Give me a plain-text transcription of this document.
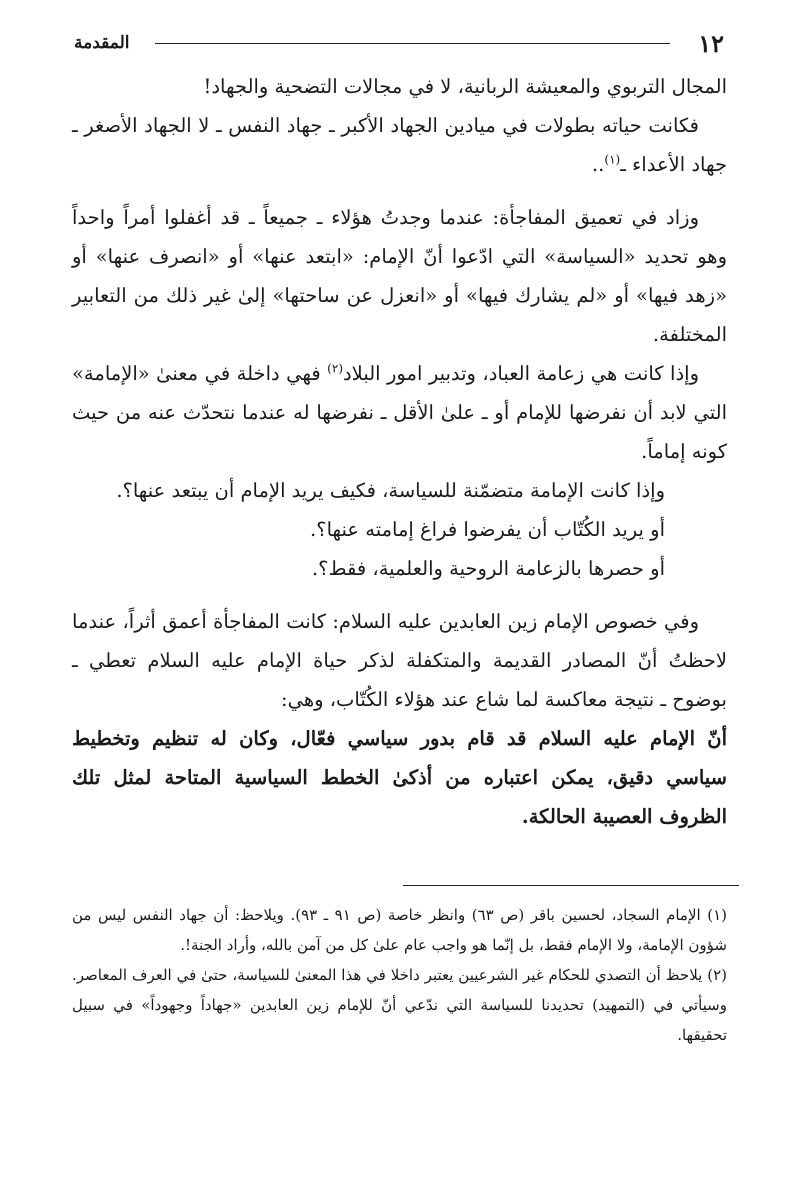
١٢
المقدمة

المجال التربوي والمعيشة الربانية، لا في مجالات التضحية والجهاد!

فكانت حياته بطولات في ميادين الجهاد الأكبر ـ جهاد النفس ـ لا الجهاد الأصغر ـ جهاد الأعداء ـ$^{(١)}$..

وزاد في تعميق المفاجأة: عندما وجدتُ هؤلاء ـ جميعاً ـ قد أغفلوا أمراً واحداً وهو تحديد «السياسة» التي ادّعوا أنّ الإمام: «ابتعد عنها» أو «انصرف عنها» أو «زهد فيها» أو «لم يشارك فيها» أو «انعزل عن ساحتها» إلىٰ غير ذلك من التعابير المختلفة.

وإذا كانت هي زعامة العباد، وتدبير امور البلاد$^{(٢)}$ فهي داخلة في معنىٰ «الإمامة» التي لابد أن نفرضها للإمام أو ـ علىٰ الأقل ـ نفرضها له عندما نتحدّث عنه من حيث كونه إماماً.

وإذا كانت الإمامة متضمّنة للسياسة، فكيف يريد الإمام أن يبتعد عنها؟.

أو يريد الكُتّاب أن يفرضوا فراغ إمامته عنها؟.

أو حصرها بالزعامة الروحية والعلمية، فقط؟.

وفي خصوص الإمام زين العابدين عليه السلام: كانت المفاجأة أعمق أثراً، عندما لاحظتُ أنّ المصادر القديمة والمتكفلة لذكر حياة الإمام عليه السلام تعطي ـ بوضوح ـ نتيجة معاكسة لما شاع عند هؤلاء الكُتّاب، وهي:

أنّ الإمام عليه السلام قد قام بدور سياسي فعّال، وكان له تنظيم وتخطيط سياسي دقيق، يمكن اعتباره من أذكىٰ الخطط السياسية المتاحة لمثل تلك الظروف العصيبة الحالكة.

(١) الإمام السجاد، لحسين باقر (ص ٦٣) وانظر خاصة (ص ٩١ ـ ٩٣). ويلاحظ: أن جهاد النفس ليس من شؤون الإمامة، ولا الإمام فقط، بل إنّما هو واجب عام علىٰ كل من آمن بالله، وأراد الجنة!.

(٢) يلاحظ أن التصدي للحكام غير الشرعيين يعتبر داخلا في هذا المعنىٰ للسياسة، حتىٰ في العرف المعاصر. وسيأتي في (التمهيد) تحديدنا للسياسة التي ندّعي أنّ للإمام زين العابدين «جهاداً وجهوداً» في سبيل تحقيقها.
